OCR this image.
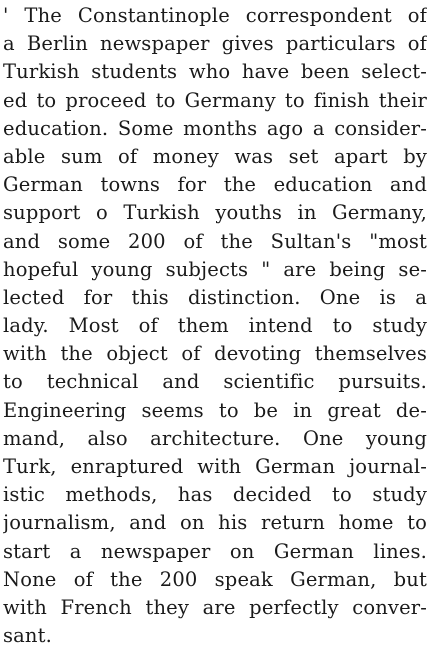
' The Constantinople correspondent of
a Berlin newspaper gives particulars of
Turkish students who have been select-
ed to proceed to Germany to finish their
education. Some months ago a consider-
able sum of money was set apart by
German towns for the education and
support o Turkish youths in Germany,
and some 200 of the Sultan's "most
hopeful young subjects " are being se-
lected for this distinction. One is a
lady. Most of them intend to study
with the object of devoting themselves
to technical and scientific pursuits.
Engineering seems to be in great de-
mand, also architecture. One young
Turk, enraptured with German journal-
istic methods, has decided to study
journalism, and on his return home to
start a newspaper on German lines.
None of the 200 speak German, but
with French they are perfectly conver-
sant.
